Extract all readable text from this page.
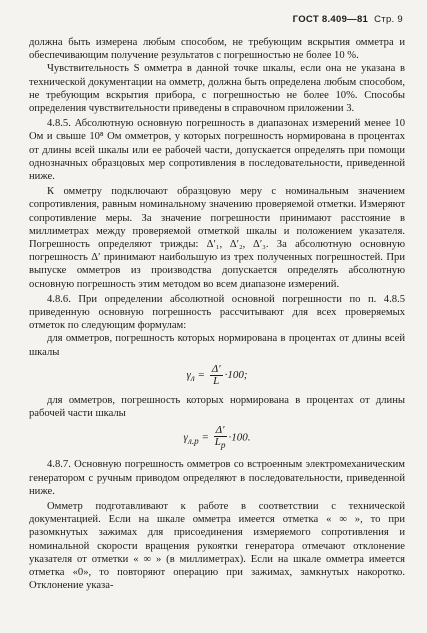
ГОСТ 8.409—81 Стр. 9

должна быть измерена любым способом, не требующим вскрытия омметра и обеспечивающим получение результатов с погрешностью не более 10 %.

Чувствительность S омметра в данной точке шкалы, если она не указана в технической документации на омметр, должна быть определена любым способом, не требующим вскрытия прибора, с погрешностью не более 10%. Способы определения чувствительности приведены в справочном приложении 3.

4.8.5. Абсолютную основную погрешность в диапазонах измерений менее 10 Ом и свыше 10⁸ Ом омметров, у которых погрешность нормирована в процентах от длины всей шкалы или ее рабочей части, допускается определять при помощи однозначных образцовых мер сопротивления в последовательности, приведенной ниже.

К омметру подключают образцовую меру с номинальным значением сопротивления, равным номинальному значению проверяемой отметки. Измеряют сопротивление меры. За значение погрешности принимают расстояние в миллиметрах между проверяемой отметкой шкалы и положением указателя. Погрешность определяют трижды: Δ′₁, Δ′₂, Δ′₃. За абсолютную основную погрешность Δ′ принимают наибольшую из трех полученных погрешностей. При выпуске омметров из производства допускается определять абсолютную основную погрешность этим методом во всем диапазоне измерений.

4.8.6. При определении абсолютной основной погрешности по п. 4.8.5 приведенную основную погрешность рассчитывают для всех проверяемых отметок по следующим формулам:

для омметров, погрешность которых нормирована в процентах от длины всей шкалы

$\gamma_л = \frac{\Delta'}{L} \cdot 100$;

для омметров, погрешность которых нормирована в процентах от длины рабочей части шкалы

$\gamma_{л.р} = \frac{\Delta'}{L_р} \cdot 100$.

4.8.7. Основную погрешность омметров со встроенным электромеханическим генератором с ручным приводом определяют в последовательности, приведенной ниже.

Омметр подготавливают к работе в соответствии с технической документацией. Если на шкале омметра имеется отметка « ∞ », то при разомкнутых зажимах для присоединения измеряемого сопротивления и номинальной скорости вращения рукоятки генератора отмечают отклонение указателя от отметки « ∞ » (в миллиметрах). Если на шкале омметра имеется отметка «0», то повторяют операцию при зажимах, замкнутых накоротко. Отклонение указа-
